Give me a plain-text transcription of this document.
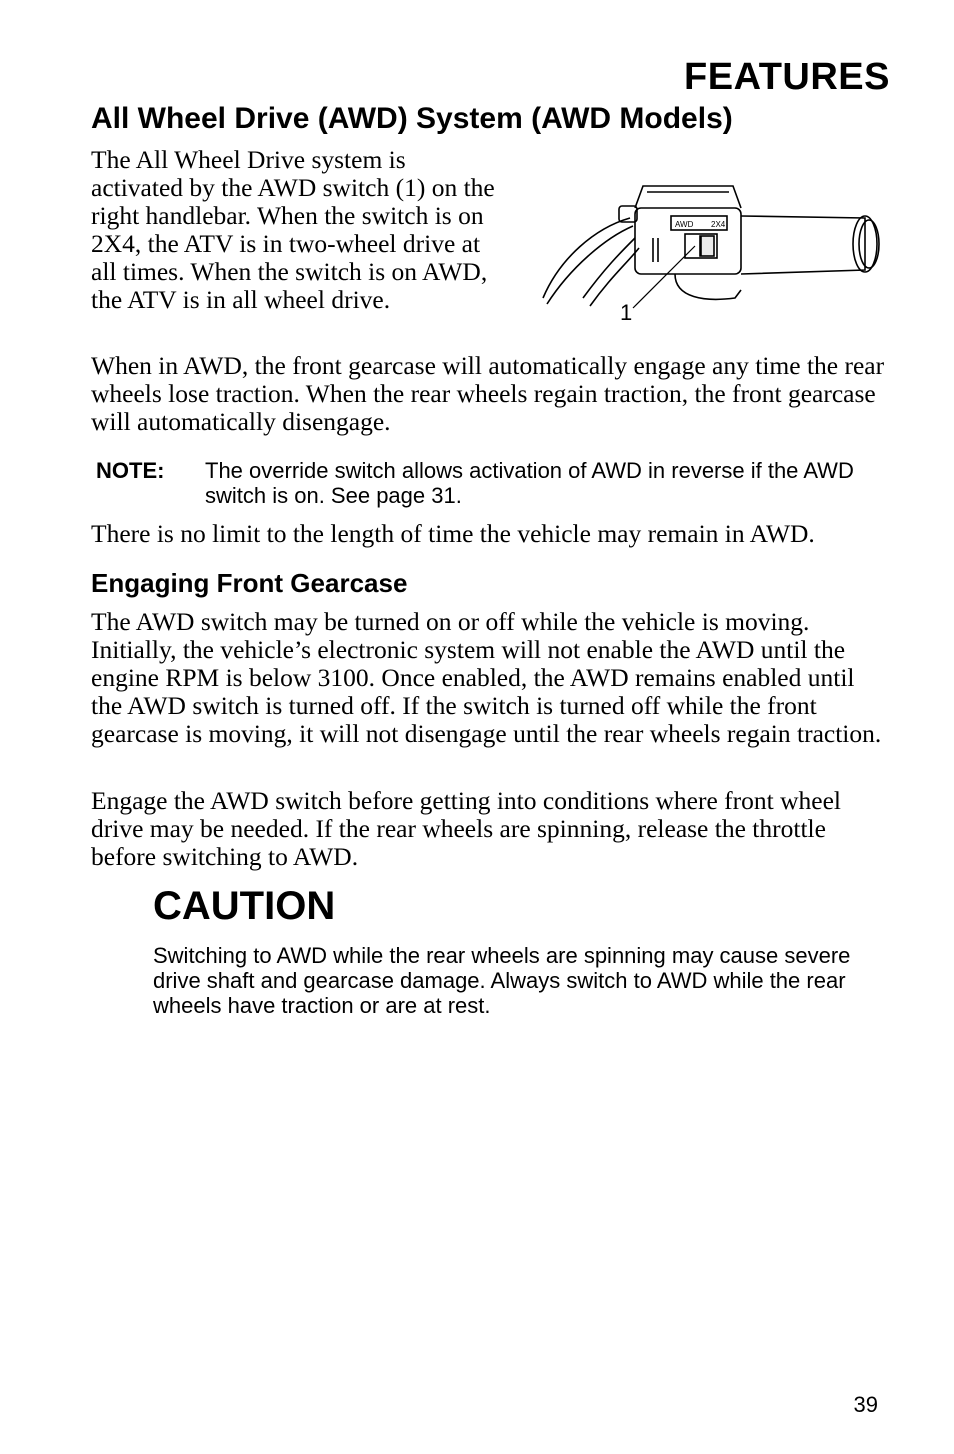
FEATURES
All Wheel Drive (AWD) System (AWD Models)

The All Wheel Drive system is activated by the AWD switch (1) on the right handlebar. When the switch is on 2X4, the ATV is in two-wheel drive at all times. When the switch is on AWD, the ATV is in all wheel drive.

AWD 2X4
1

When in AWD, the front gearcase will automatically engage any time the rear wheels lose traction. When the rear wheels regain traction, the front gearcase will automatically disengage.

NOTE: The override switch allows activation of AWD in reverse if the AWD switch is on. See page 31.

There is no limit to the length of time the vehicle may remain in AWD.

Engaging Front Gearcase

The AWD switch may be turned on or off while the vehicle is moving. Initially, the vehicle’s electronic system will not enable the AWD until the engine RPM is below 3100. Once enabled, the AWD remains enabled until the AWD switch is turned off. If the switch is turned off while the front gearcase is moving, it will not disengage until the rear wheels regain traction.

Engage the AWD switch before getting into conditions where front wheel drive may be needed. If the rear wheels are spinning, release the throttle before switching to AWD.

CAUTION

Switching to AWD while the rear wheels are spinning may cause severe drive shaft and gearcase damage. Always switch to AWD while the rear wheels have traction or are at rest.

39
